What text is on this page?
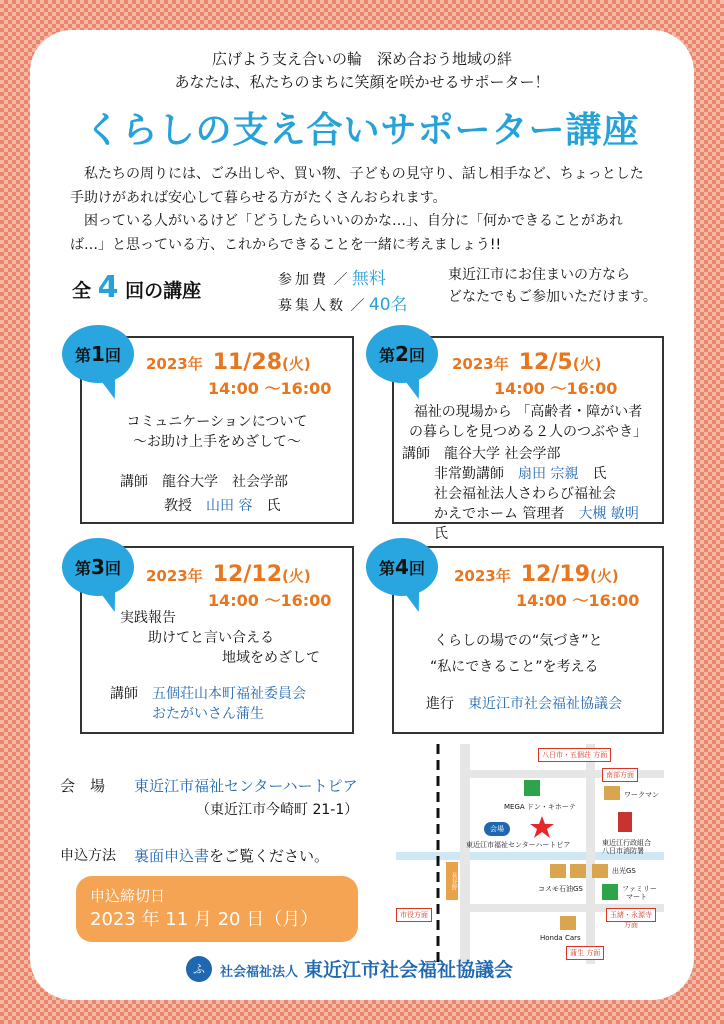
広げよう支え合いの輪　深め合おう地域の絆
あなたは、私たちのまちに笑顔を咲かせるサポーター！
くらしの支え合いサポーター講座
　私たちの周りには、ごみ出しや、買い物、子どもの見守り、話し相手など、ちょっとした
手助けがあれば安心して暮らせる方がたくさんおられます。
　困っている人がいるけど「どうしたらいいのかな…」、自分に「何かできることがあれ
ば…」と思っている方、これからできることを一緒に考えましょう!!
全 4 回の講座	参加費 ／ 無料
募集人数 ／ 40名
東近江市にお住まいの方なら
どなたでもご参加いただけます。
2023年 11/28(火)
14:00 ～16:00
コミュニケーションについて
～お助け上手をめざして～
講師　 龍谷大学　社会学部
教授　 山田 容　 氏
第1回	2023年 12/5(火)
14:00 ～16:00
福祉の現場から 「高齢者・障がい者
の暮らしを見つめる２人のつぶやき」
講師　 龍谷大学 社会学部
非常勤講師　 扇田 宗親　 氏
社会福祉法人さわらび福祉会
かえでホーム 管理者　 大槻 敏明　氏
第2回
2023年 12/12(火)
14:00 ～16:00
実践報告
助けてと言い合える
地域をめざして
講師　 五個荘山本町福祉委員会
おたがいさん蒲生
第3回	2023年 12/19(火)
14:00 ～16:00
くらしの場での“気づき”と
“私にできること”を考える
進行　 東近江市社会福祉協議会
第4回
会　場 東近江市福祉センターハートピア
（東近江市今崎町 21-1）
申込方法 裏面申込書をご覧ください。
申込締切日
2023 年 11 月 20 日（月）
八日市・五個荘 方面
南部方面
MEGA ドン・キホーテ
ワークマン
会場
東近江市福祉センターハートピア	東近江行政組合
八日市消防署
長谷野
出光GS
コスモ石油GS	ファミリー
マート
市役方面
Honda Cars
玉緒・永源寺
方面
蒲生 方面
ふ	社会福祉法人 東近江市社会福祉協議会
